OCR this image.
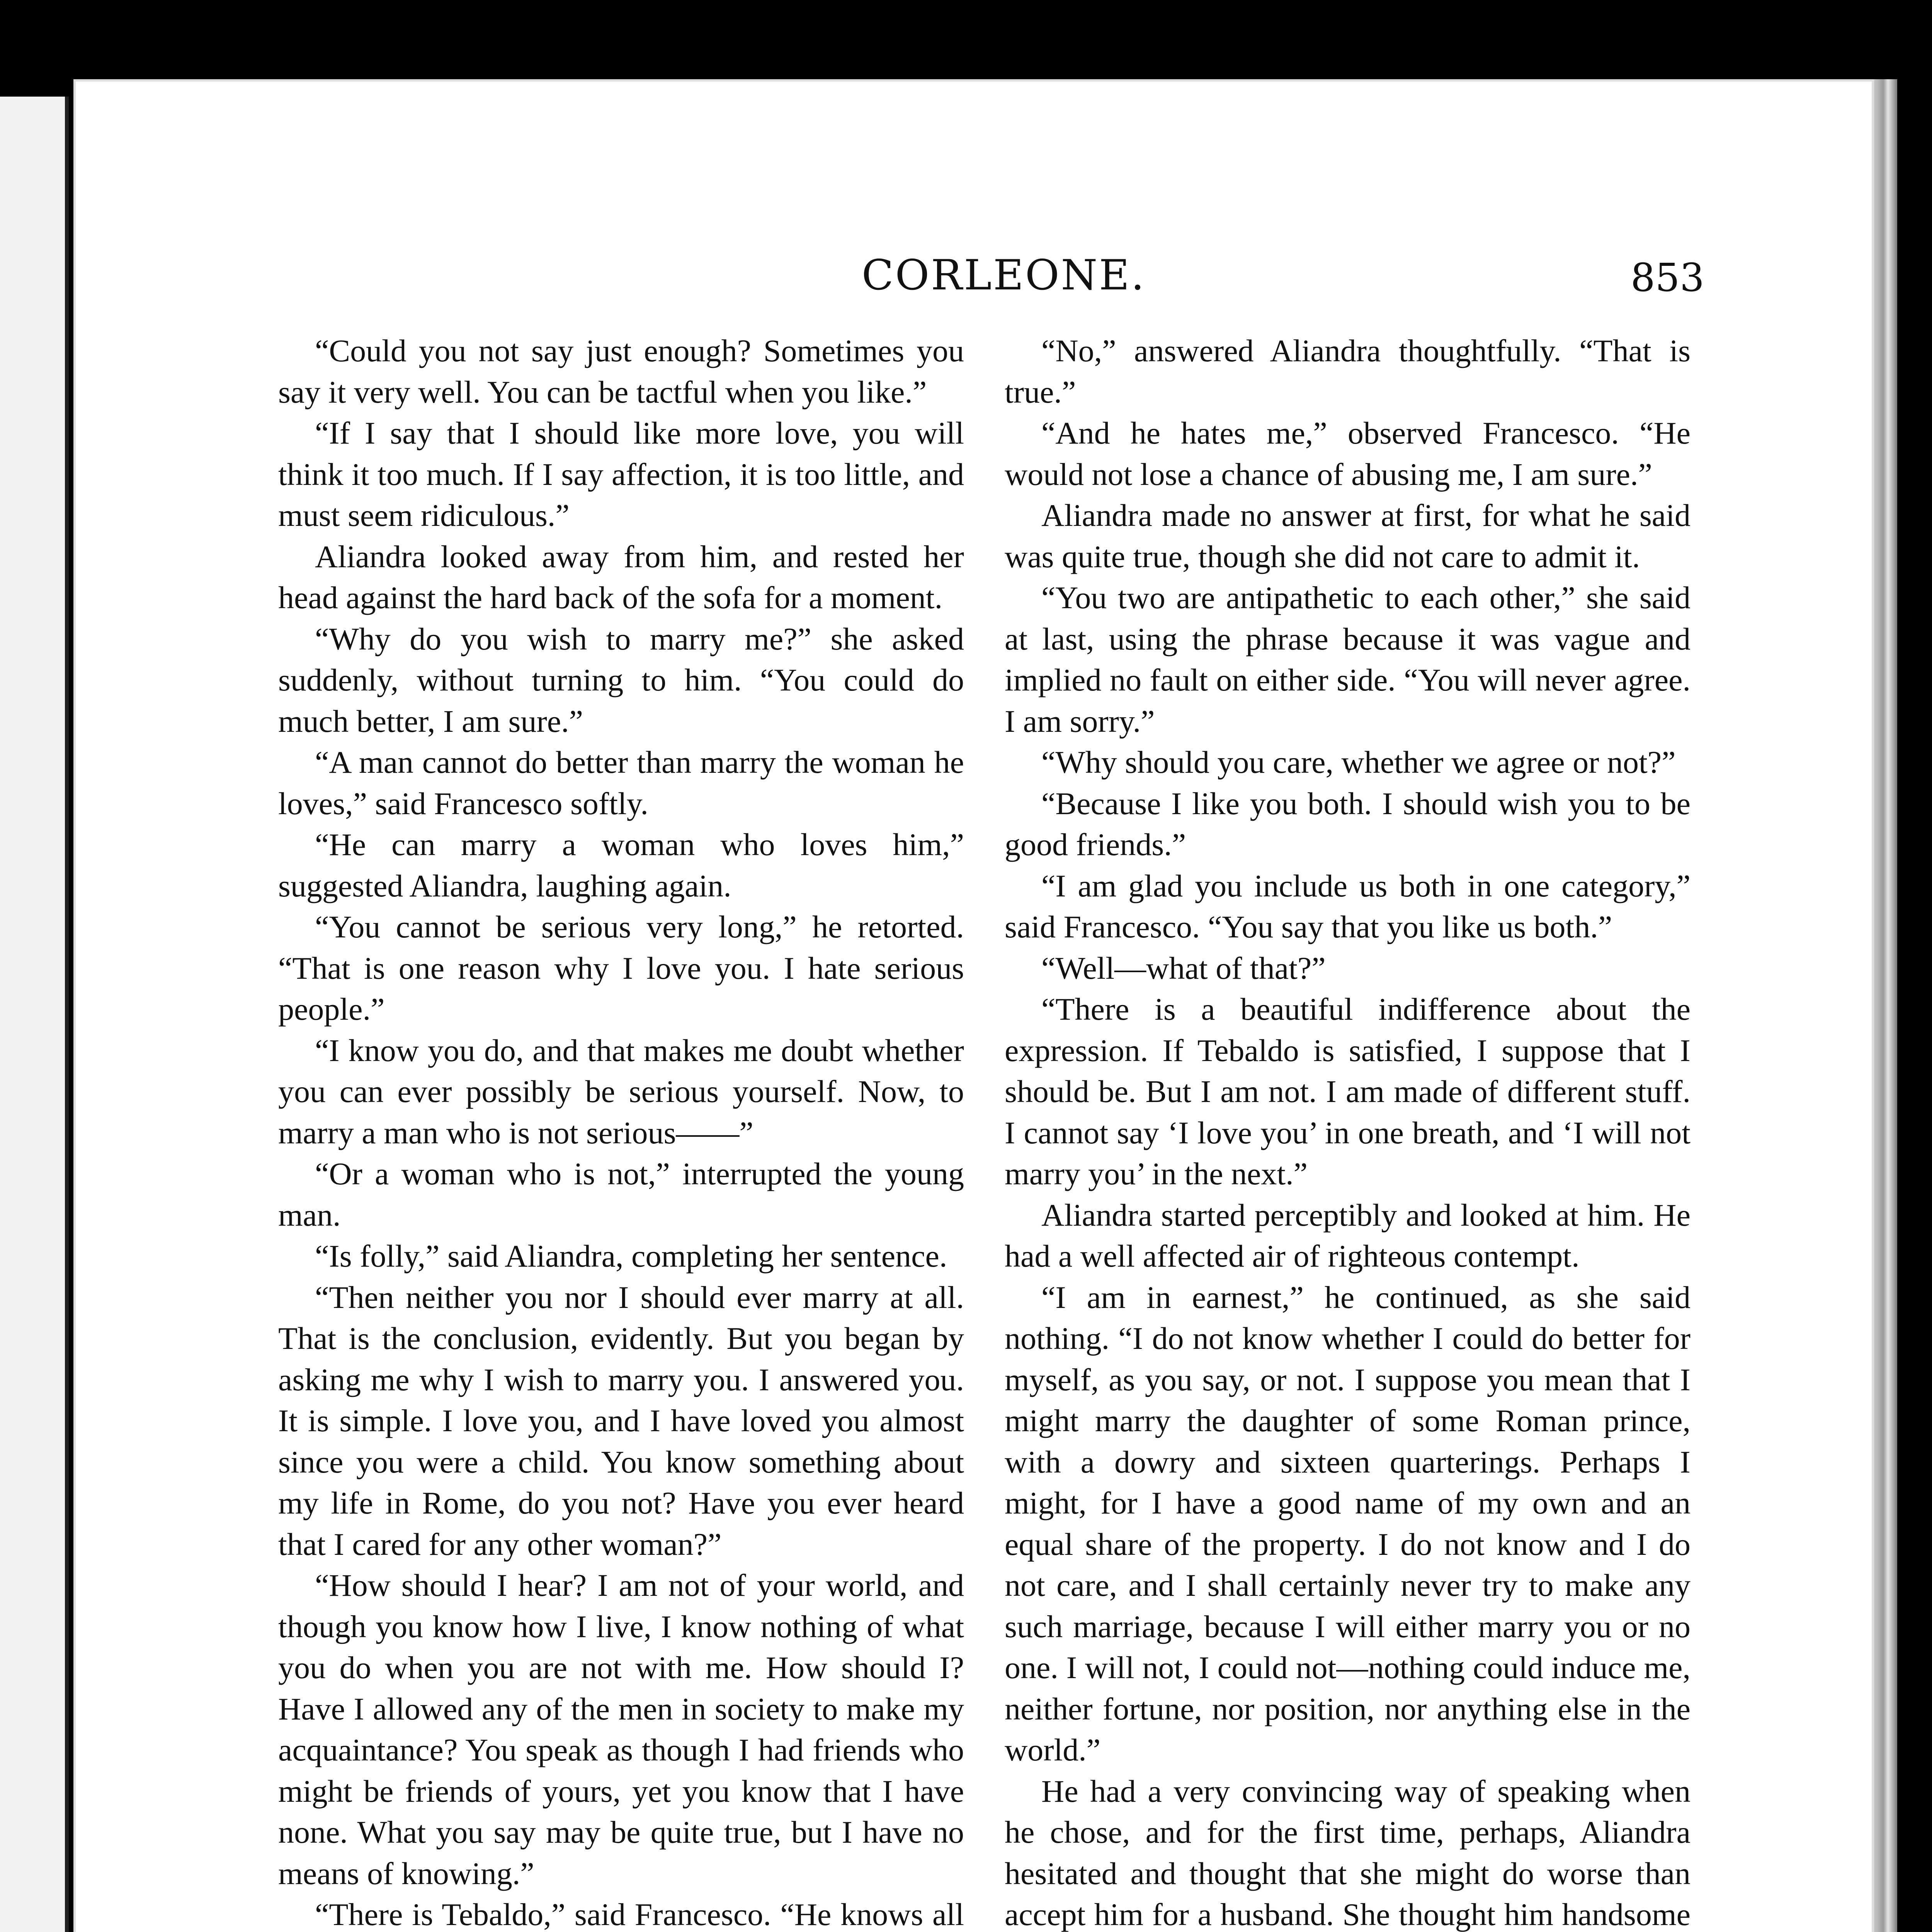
CORLEONE.	853

“Could you not say just enough? Sometimes you say it very well. You can be tactful when you like.”

“If I say that I should like more love, you will think it too much. If I say affection, it is too little, and must seem ridiculous.”

Aliandra looked away from him, and rested her head against the hard back of the sofa for a moment.

“Why do you wish to marry me?” she asked suddenly, without turning to him. “You could do much better, I am sure.”

“A man cannot do better than marry the woman he loves,” said Francesco softly.

“He can marry a woman who loves him,” suggested Aliandra, laughing again.

“You cannot be serious very long,” he retorted. “That is one reason why I love you. I hate serious people.”

“I know you do, and that makes me doubt whether you can ever possibly be serious yourself. Now, to marry a man who is not serious——”

“Or a woman who is not,” interrupted the young man.

“Is folly,” said Aliandra, completing her sentence.

“Then neither you nor I should ever marry at all. That is the conclusion, evidently. But you began by asking me why I wish to marry you. I answered you. It is simple. I love you, and I have loved you almost since you were a child. You know something about my life in Rome, do you not? Have you ever heard that I cared for any other woman?”

“How should I hear? I am not of your world, and though you know how I live, I know nothing of what you do when you are not with me. How should I? Have I allowed any of the men in society to make my acquaintance? You speak as though I had friends who might be friends of yours, yet you know that I have none. What you say may be quite true, but I have no means of knowing.”

“There is Tebaldo,” said Francesco. “He knows all

“No,” answered Aliandra thoughtfully. “That is true.”

“And he hates me,” observed Francesco. “He would not lose a chance of abusing me, I am sure.”

Aliandra made no answer at first, for what he said was quite true, though she did not care to admit it.

“You two are antipathetic to each other,” she said at last, using the phrase because it was vague and implied no fault on either side. “You will never agree. I am sorry.”

“Why should you care, whether we agree or not?”

“Because I like you both. I should wish you to be good friends.”

“I am glad you include us both in one category,” said Francesco. “You say that you like us both.”

“Well—what of that?”

“There is a beautiful indifference about the expression. If Tebaldo is satisfied, I suppose that I should be. But I am not. I am made of different stuff. I cannot say ‘I love you’ in one breath, and ‘I will not marry you’ in the next.”

Aliandra started perceptibly and looked at him. He had a well affected air of righteous contempt.

“I am in earnest,” he continued, as she said nothing. “I do not know whether I could do better for myself, as you say, or not. I suppose you mean that I might marry the daughter of some Roman prince, with a dowry and sixteen quarterings. Perhaps I might, for I have a good name of my own and an equal share of the property. I do not know and I do not care, and I shall certainly never try to make any such marriage, because I will either marry you or no one. I will not, I could not—nothing could induce me, neither fortune, nor position, nor anything else in the world.”

He had a very convincing way of speaking when he chose, and for the first time, perhaps, Aliandra hesitated and thought that she might do worse than accept him for a husband. She thought him handsome
